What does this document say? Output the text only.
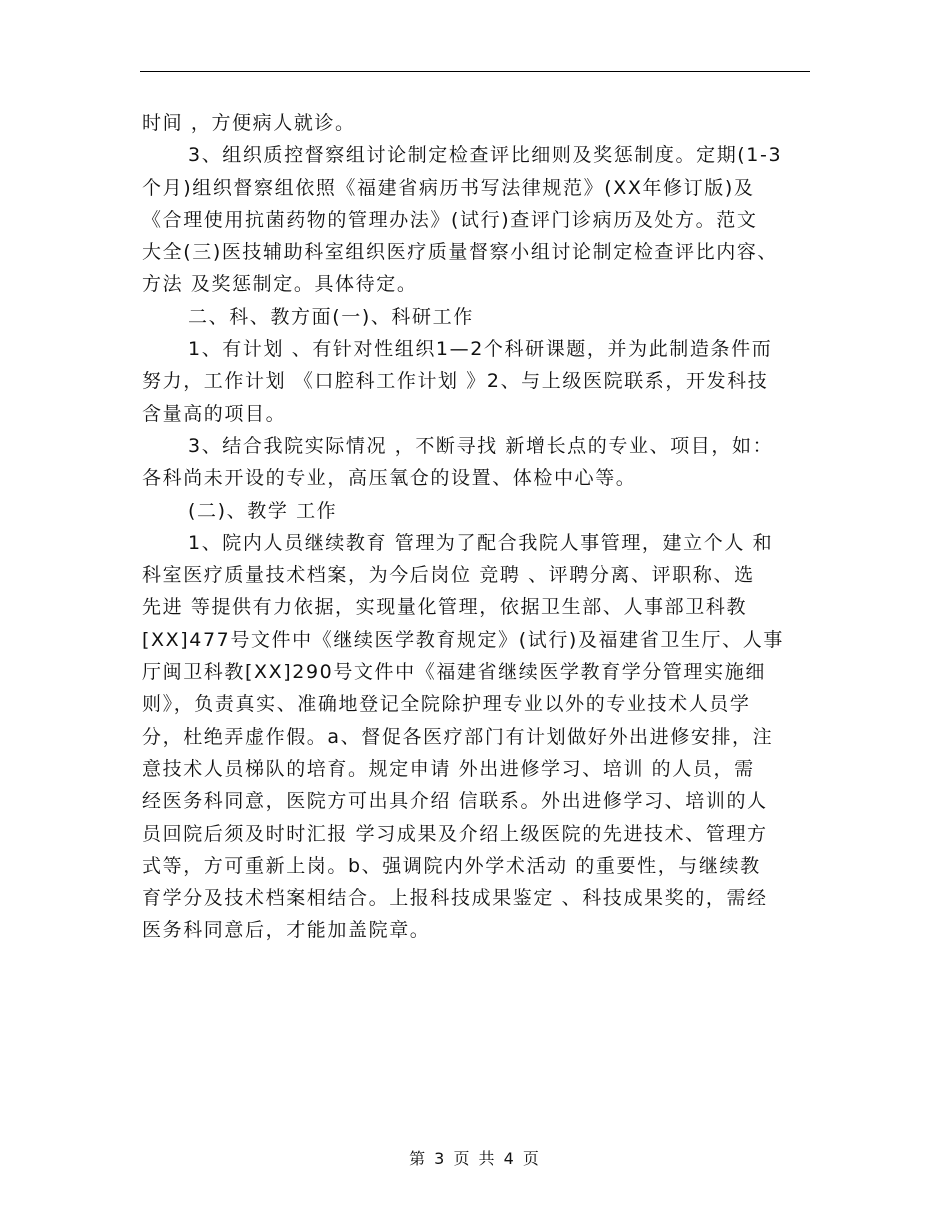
时间 ，方便病人就诊。
3、组织质控督察组讨论制定检查评比细则及奖惩制度。定期(1-3
个月)组织督察组依照《福建省病历书写法律规范》(XX年修订版)及
《合理使用抗菌药物的管理办法》(试行)查评门诊病历及处方。范文
大全(三)医技辅助科室组织医疗质量督察小组讨论制定检查评比内容、
方法 及奖惩制定。具体待定。
二、科、教方面(一)、科研工作
1、有计划 、有针对性组织1—2个科研课题，并为此制造条件而
努力，工作计划 《口腔科工作计划 》2、与上级医院联系，开发科技
含量高的项目。
3、结合我院实际情况 ，不断寻找 新增长点的专业、项目，如：
各科尚未开设的专业，高压氧仓的设置、体检中心等。
(二)、教学 工作
1、院内人员继续教育 管理为了配合我院人事管理，建立个人 和
科室医疗质量技术档案，为今后岗位 竞聘 、评聘分离、评职称、选
先进 等提供有力依据，实现量化管理，依据卫生部、人事部卫科教
[XX]477号文件中《继续医学教育规定》(试行)及福建省卫生厅、人事
厅闽卫科教[XX]290号文件中《福建省继续医学教育学分管理实施细
则》，负责真实、准确地登记全院除护理专业以外的专业技术人员学
分，杜绝弄虚作假。a、督促各医疗部门有计划做好外出进修安排，注
意技术人员梯队的培育。规定申请 外出进修学习、培训 的人员，需
经医务科同意，医院方可出具介绍 信联系。外出进修学习、培训的人
员回院后须及时时汇报 学习成果及介绍上级医院的先进技术、管理方
式等，方可重新上岗。b、强调院内外学术活动 的重要性，与继续教
育学分及技术档案相结合。上报科技成果鉴定 、科技成果奖的，需经
医务科同意后，才能加盖院章。
第 3 页 共 4 页
